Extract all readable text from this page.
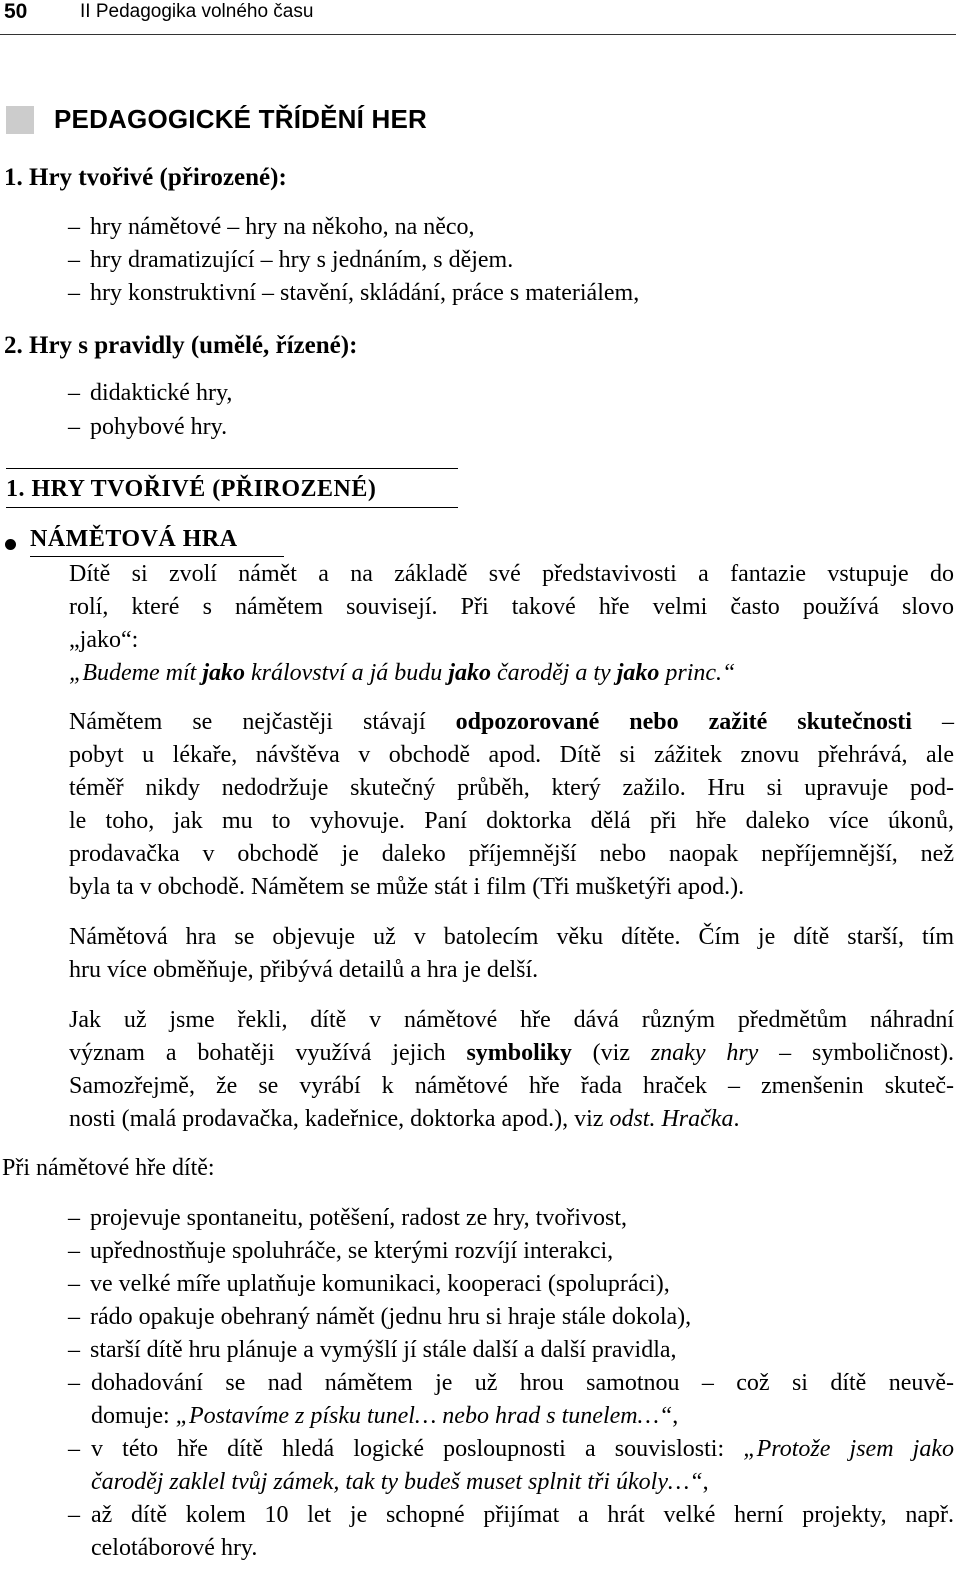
50	II Pedagogika volného času
PEDAGOGICKÉ TŘÍDĚNÍ HER
1. Hry tvořivé (přirozené):
– hry námětové – hry na někoho, na něco,
– hry dramatizující – hry s jednáním, s dějem.
– hry konstruktivní – stavění, skládání, práce s materiálem,
2. Hry s pravidly (umělé, řízené):
– didaktické hry,
– pohybové hry.
1. HRY TVOŘIVÉ (PŘIROZENÉ)
NÁMĚTOVÁ HRA
Dítě si zvolí námět a na základě své představivosti a fantazie vstupuje do
rolí, které s námětem souvisejí. Při takové hře velmi často používá slovo
„jako“:
„Budeme mít jako království a já budu jako čaroděj a ty jako princ.“
Námětem se nejčastěji stávají odpozorované nebo zažité skutečnosti –
pobyt u lékaře, návštěva v obchodě apod. Dítě si zážitek znovu přehrává, ale
téměř nikdy nedodržuje skutečný průběh, který zažilo. Hru si upravuje pod-
le toho, jak mu to vyhovuje. Paní doktorka dělá při hře daleko více úkonů,
prodavačka v obchodě je daleko příjemnější nebo naopak nepříjemnější, než
byla ta v obchodě. Námětem se může stát i film (Tři mušketýři apod.).
Námětová hra se objevuje už v batolecím věku dítěte. Čím je dítě starší, tím
hru více obměňuje, přibývá detailů a hra je delší.
Jak už jsme řekli, dítě v námětové hře dává různým předmětům náhradní
význam a bohatěji využívá jejich symboliky (viz znaky hry – symboličnost).
Samozřejmě, že se vyrábí k námětové hře řada hraček – zmenšenin skuteč-
nosti (malá prodavačka, kadeřnice, doktorka apod.), viz odst. Hračka.
Při námětové hře dítě:
– projevuje spontaneitu, potěšení, radost ze hry, tvořivost,
– upřednostňuje spoluhráče, se kterými rozvíjí interakci,
– ve velké míře uplatňuje komunikaci, kooperaci (spolupráci),
– rádo opakuje obehraný námět (jednu hru si hraje stále dokola),
– starší dítě hru plánuje a vymýšlí jí stále další a další pravidla,
– dohadování se nad námětem je už hrou samotnou – což si dítě neuvě-
domuje: „Postavíme z písku tunel… nebo hrad s tunelem…“,
– v této hře dítě hledá logické posloupnosti a souvislosti: „Protože jsem jako
čaroděj zaklel tvůj zámek, tak ty budeš muset splnit tři úkoly…“,
– až dítě kolem 10 let je schopné přijímat a hrát velké herní projekty, např.
celotáborové hry.
